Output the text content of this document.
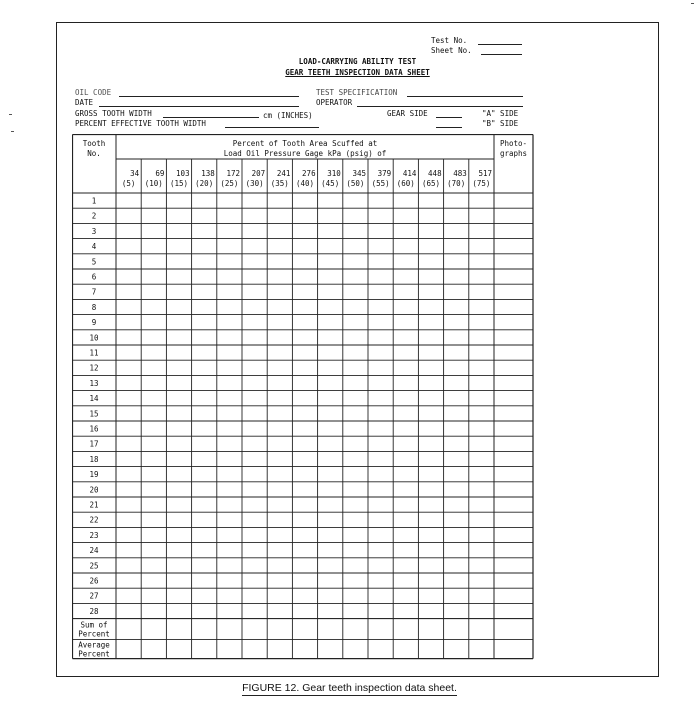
Test No.
Sheet No.
LOAD-CARRYING ABILITY TEST
GEAR TEETH INSPECTION DATA SHEET
OIL CODE
DATE
GROSS TOOTH WIDTH	cm (INCHES)
PERCENT EFFECTIVE TOOTH WIDTH
TEST SPECIFICATION
OPERATOR
GEAR SIDE	"A" SIDE
"B" SIDE
Tooth
No.
Percent of Tooth Area Scuffed at
Load Oil Pressure Gage kPa (psig) of
Photo-
graphs
34
(5)
69
(10)
103
(15)
138
(20)
172
(25)
207
(30)
241
(35)
276
(40)
310
(45)
345
(50)
379
(55)
414
(60)
448
(65)
483
(70)
517
(75)
1
2
3
4
5
6
7
8
9
10
11
12
13
14
15
16
17
18
19
20
21
22
23
24
25
26
27
28
Sum of
Percent
Average
Percent
FIGURE 12. Gear teeth inspection data sheet.
